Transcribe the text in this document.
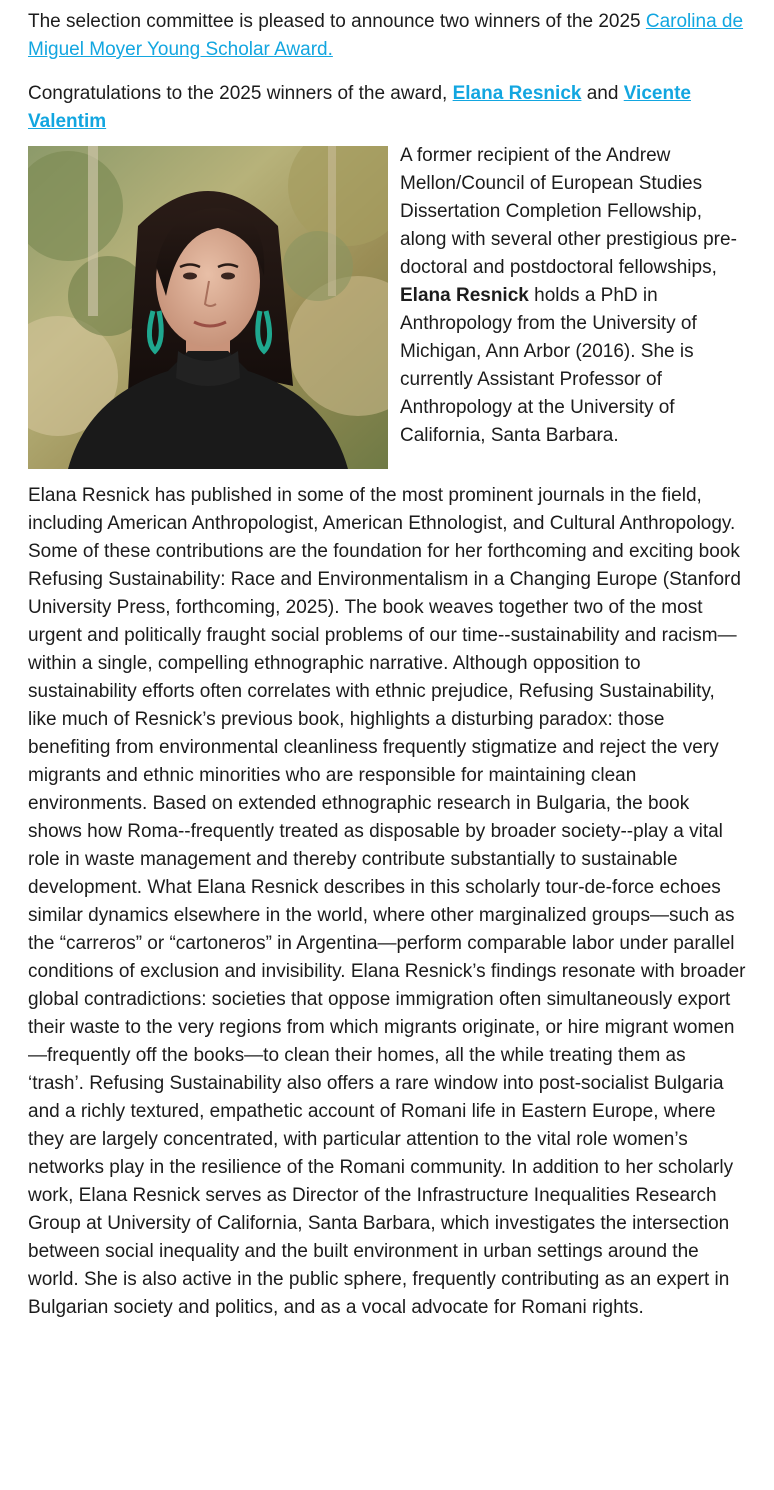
The selection committee is pleased to announce two winners of the 2025 Carolina de Miguel Moyer Young Scholar Award.

Congratulations to the 2025 winners of the award, Elana Resnick and Vicente Valentim

A former recipient of the Andrew Mellon/Council of European Studies Dissertation Completion Fellowship, along with several other prestigious pre-doctoral and postdoctoral fellowships, Elana Resnick holds a PhD in Anthropology from the University of Michigan, Ann Arbor (2016). She is currently Assistant Professor of Anthropology at the University of California, Santa Barbara.

Elana Resnick has published in some of the most prominent journals in the field, including American Anthropologist, American Ethnologist, and Cultural Anthropology. Some of these contributions are the foundation for her forthcoming and exciting book Refusing Sustainability: Race and Environmentalism in a Changing Europe (Stanford University Press, forthcoming, 2025). The book weaves together two of the most urgent and politically fraught social problems of our time--sustainability and racism—within a single, compelling ethnographic narrative. Although opposition to sustainability efforts often correlates with ethnic prejudice, Refusing Sustainability, like much of Resnick’s previous book, highlights a disturbing paradox: those benefiting from environmental cleanliness frequently stigmatize and reject the very migrants and ethnic minorities who are responsible for maintaining clean environments. Based on extended ethnographic research in Bulgaria, the book shows how Roma--frequently treated as disposable by broader society--play a vital role in waste management and thereby contribute substantially to sustainable development. What Elana Resnick describes in this scholarly tour-de-force echoes similar dynamics elsewhere in the world, where other marginalized groups—such as the “carreros” or “cartoneros” in Argentina—perform comparable labor under parallel conditions of exclusion and invisibility. Elana Resnick’s findings resonate with broader global contradictions: societies that oppose immigration often simultaneously export their waste to the very regions from which migrants originate, or hire migrant women—frequently off the books—to clean their homes, all the while treating them as ‘trash’. Refusing Sustainability also offers a rare window into post-socialist Bulgaria and a richly textured, empathetic account of Romani life in Eastern Europe, where they are largely concentrated, with particular attention to the vital role women’s networks play in the resilience of the Romani community. In addition to her scholarly work, Elana Resnick serves as Director of the Infrastructure Inequalities Research Group at University of California, Santa Barbara, which investigates the intersection between social inequality and the built environment in urban settings around the world. She is also active in the public sphere, frequently contributing as an expert in Bulgarian society and politics, and as a vocal advocate for Romani rights.
